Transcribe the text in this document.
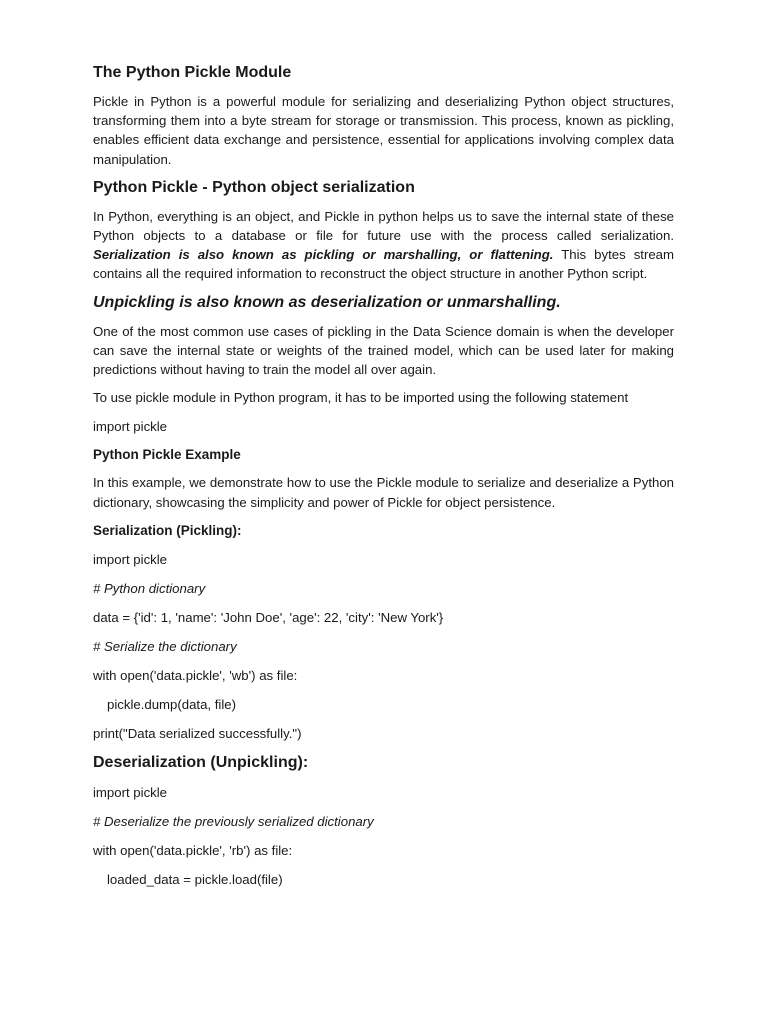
The Python Pickle Module

Pickle in Python is a powerful module for serializing and deserializing Python object structures, transforming them into a byte stream for storage or transmission. This process, known as pickling, enables efficient data exchange and persistence, essential for applications involving complex data manipulation.

Python Pickle - Python object serialization

In Python, everything is an object, and Pickle in python helps us to save the internal state of these Python objects to a database or file for future use with the process called serialization. Serialization is also known as pickling or marshalling, or flattening. This bytes stream contains all the required information to reconstruct the object structure in another Python script.

Unpickling is also known as deserialization or unmarshalling.

One of the most common use cases of pickling in the Data Science domain is when the developer can save the internal state or weights of the trained model, which can be used later for making predictions without having to train the model all over again.

To use pickle module in Python program, it has to be imported using the following statement

import pickle

Python Pickle Example

In this example, we demonstrate how to use the Pickle module to serialize and deserialize a Python dictionary, showcasing the simplicity and power of Pickle for object persistence.

Serialization (Pickling):

import pickle

# Python dictionary

data = {'id': 1, 'name': 'John Doe', 'age': 22, 'city': 'New York'}

# Serialize the dictionary

with open('data.pickle', 'wb') as file:

pickle.dump(data, file)

print("Data serialized successfully.")

Deserialization (Unpickling):

import pickle

# Deserialize the previously serialized dictionary

with open('data.pickle', 'rb') as file:

loaded_data = pickle.load(file)
